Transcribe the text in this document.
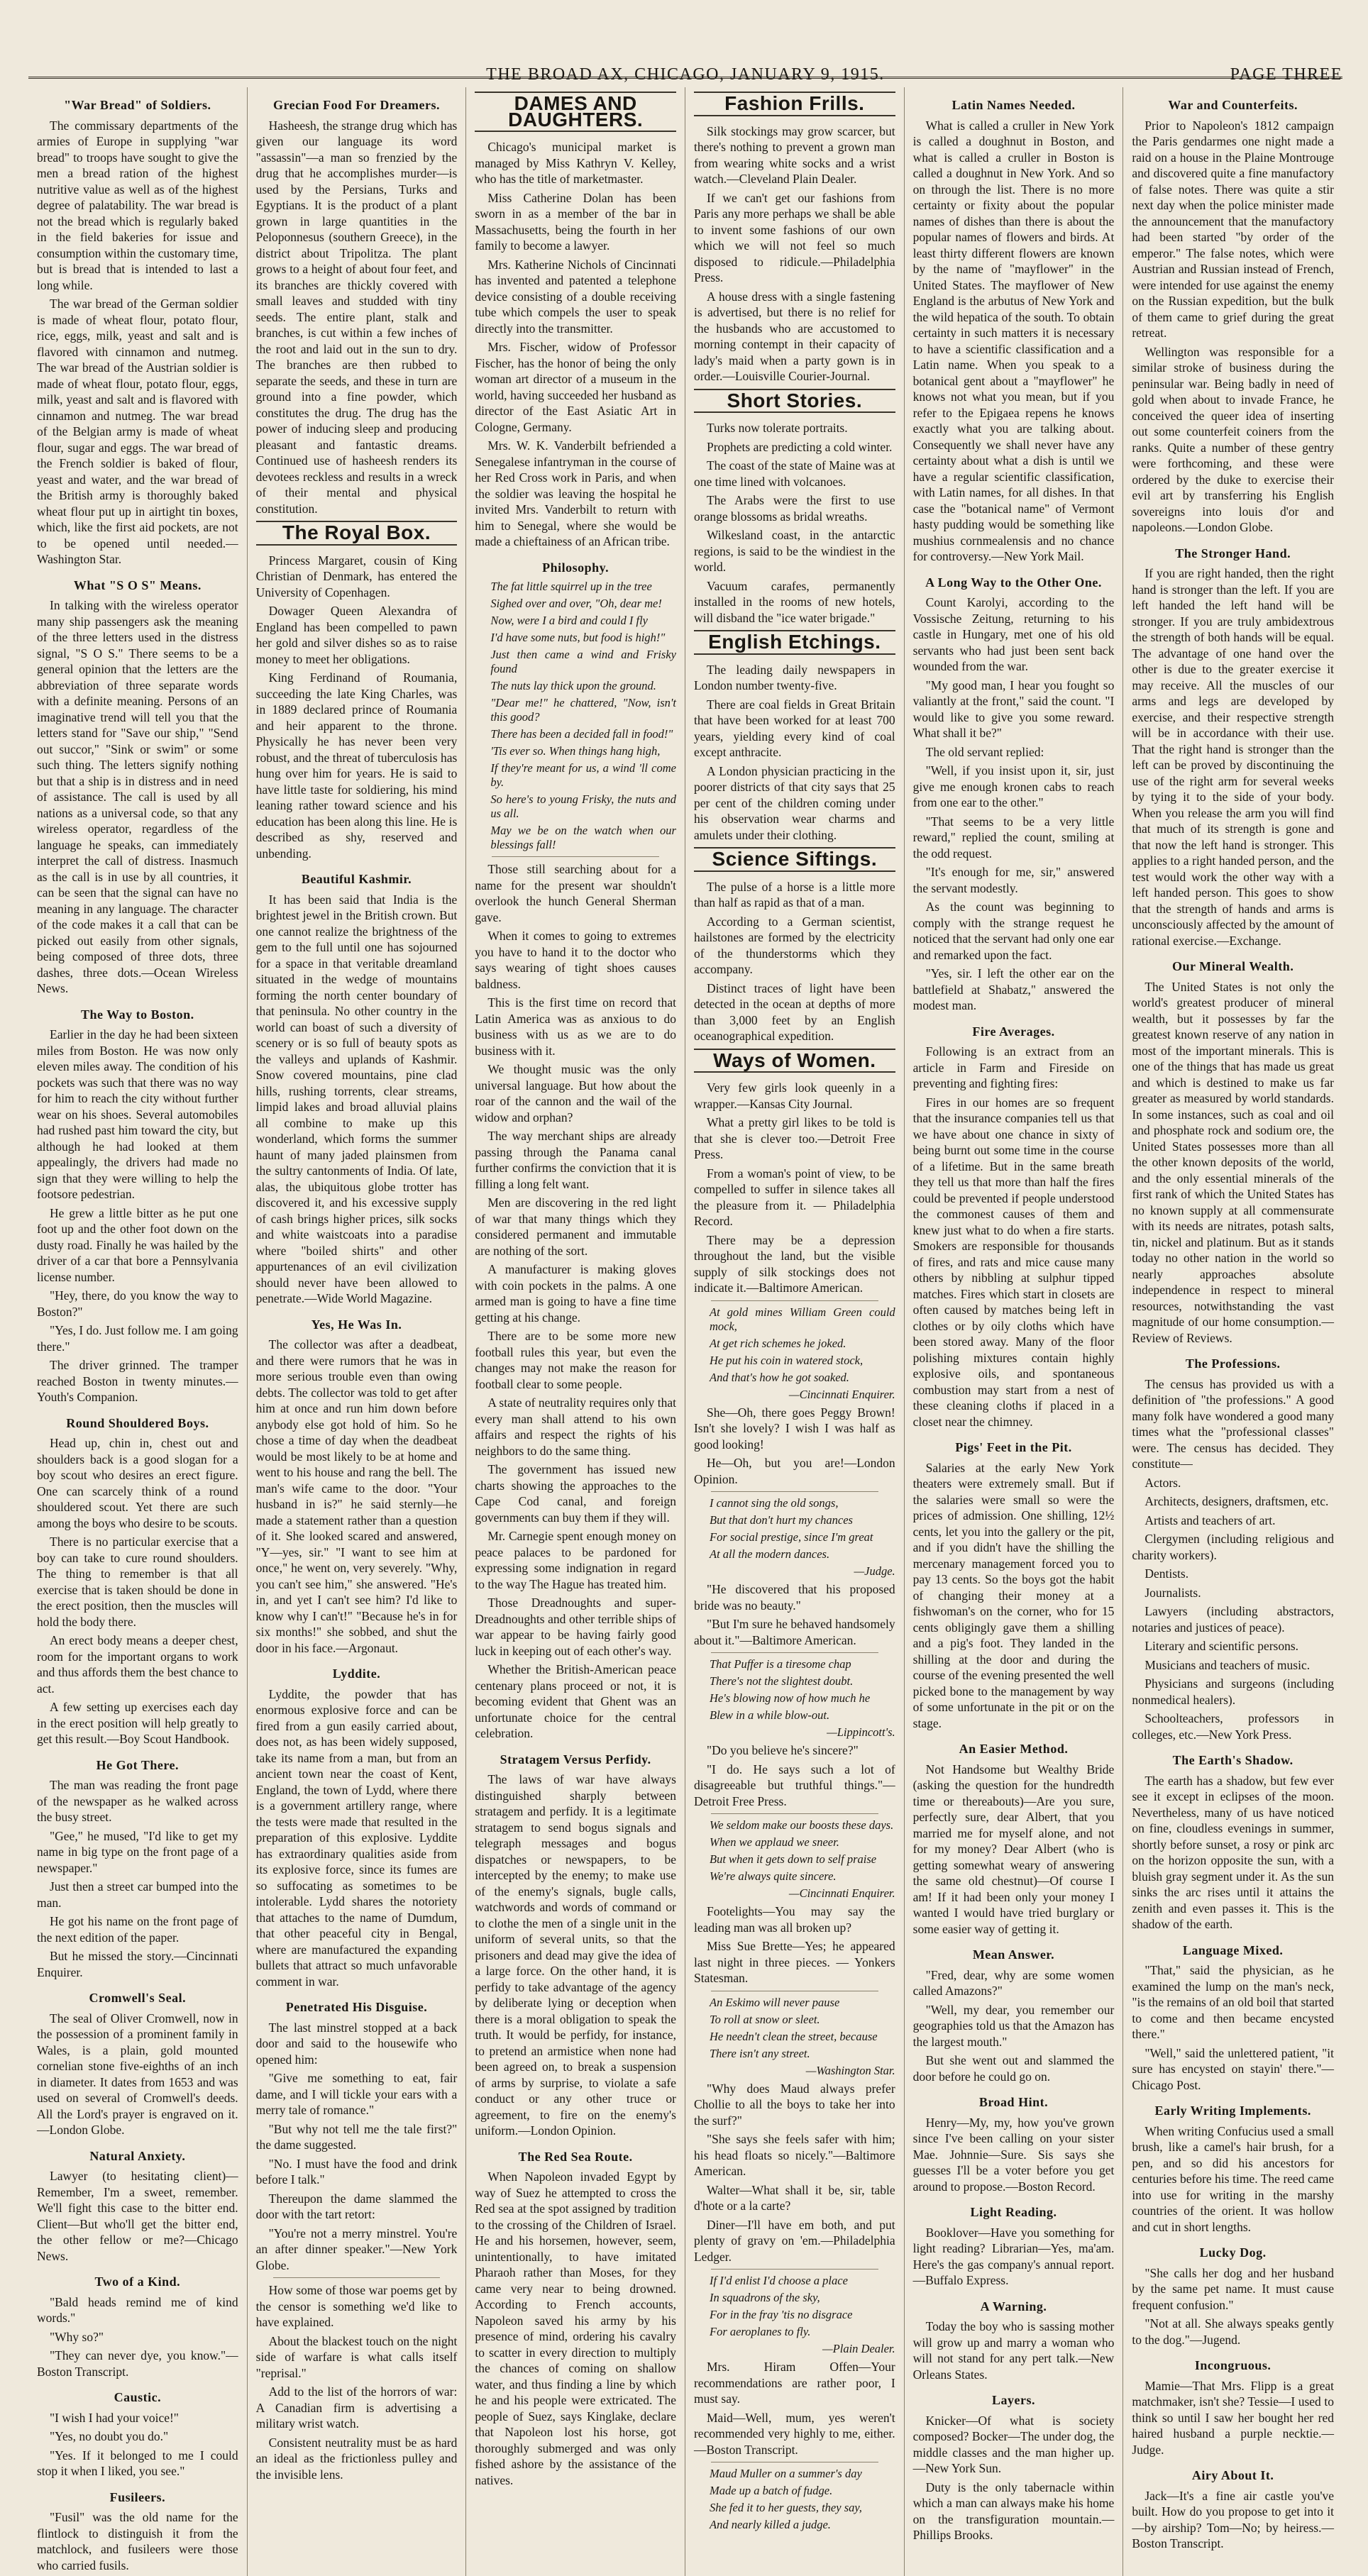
THE BROAD AX, CHICAGO, JANUARY 9, 1915.	PAGE THREE
"War Bread" of Soldiers.

The commissary departments of the armies of Europe in supplying "war bread" to troops have sought to give the men a bread ration of the highest nutritive value as well as of the highest degree of palatability. The war bread is not the bread which is regularly baked in the field bakeries for issue and consumption within the customary time, but is bread that is intended to last a long while.

The war bread of the German soldier is made of wheat flour, potato flour, rice, eggs, milk, yeast and salt and is flavored with cinnamon and nutmeg. The war bread of the Austrian soldier is made of wheat flour, potato flour, eggs, milk, yeast and salt and is flavored with cinnamon and nutmeg. The war bread of the Belgian army is made of wheat flour, sugar and eggs. The war bread of the French soldier is baked of flour, yeast and water, and the war bread of the British army is thoroughly baked wheat flour put up in airtight tin boxes, which, like the first aid pockets, are not to be opened until needed.—Washington Star.

What "S O S" Means.

In talking with the wireless operator many ship passengers ask the meaning of the three letters used in the distress signal, "S O S." There seems to be a general opinion that the letters are the abbreviation of three separate words with a definite meaning. Persons of an imaginative trend will tell you that the letters stand for "Save our ship," "Send out succor," "Sink or swim" or some such thing. The letters signify nothing but that a ship is in distress and in need of assistance. The call is used by all nations as a universal code, so that any wireless operator, regardless of the language he speaks, can immediately interpret the call of distress. Inasmuch as the call is in use by all countries, it can be seen that the signal can have no meaning in any language. The character of the code makes it a call that can be picked out easily from other signals, being composed of three dots, three dashes, three dots.—Ocean Wireless News.

The Way to Boston.

Earlier in the day he had been sixteen miles from Boston. He was now only eleven miles away. The condition of his pockets was such that there was no way for him to reach the city without further wear on his shoes. Several automobiles had rushed past him toward the city, but although he had looked at them appealingly, the drivers had made no sign that they were willing to help the footsore pedestrian.

He grew a little bitter as he put one foot up and the other foot down on the dusty road. Finally he was hailed by the driver of a car that bore a Pennsylvania license number.

"Hey, there, do you know the way to Boston?"

"Yes, I do. Just follow me. I am going there."

The driver grinned. The tramper reached Boston in twenty minutes.—Youth's Companion.

Round Shouldered Boys.

Head up, chin in, chest out and shoulders back is a good slogan for a boy scout who desires an erect figure. One can scarcely think of a round shouldered scout. Yet there are such among the boys who desire to be scouts.

There is no particular exercise that a boy can take to cure round shoulders. The thing to remember is that all exercise that is taken should be done in the erect position, then the muscles will hold the body there.

An erect body means a deeper chest, room for the important organs to work and thus affords them the best chance to act.

A few setting up exercises each day in the erect position will help greatly to get this result.—Boy Scout Handbook.

He Got There.

The man was reading the front page of the newspaper as he walked across the busy street.

"Gee," he mused, "I'd like to get my name in big type on the front page of a newspaper."

Just then a street car bumped into the man.

He got his name on the front page of the next edition of the paper.

But he missed the story.—Cincinnati Enquirer.

Cromwell's Seal.

The seal of Oliver Cromwell, now in the possession of a prominent family in Wales, is a plain, gold mounted cornelian stone five-eighths of an inch in diameter. It dates from 1653 and was used on several of Cromwell's deeds. All the Lord's prayer is engraved on it.—London Globe.

Natural Anxiety.

Lawyer (to hesitating client)—Remember, I'm a sweet, remember. We'll fight this case to the bitter end. Client—But who'll get the bitter end, the other fellow or me?—Chicago News.

Two of a Kind.

"Bald heads remind me of kind words."

"Why so?"

"They can never dye, you know."—Boston Transcript.

Caustic.

"I wish I had your voice!"

"Yes, no doubt you do."

"Yes. If it belonged to me I could stop it when I liked, you see."

Fusileers.

"Fusil" was the old name for the flintlock to distinguish it from the matchlock, and fusileers were those who carried fusils.

Grecian Food For Dreamers.

Hasheesh, the strange drug which has given our language its word "assassin"—a man so frenzied by the drug that he accomplishes murder—is used by the Persians, Turks and Egyptians. It is the product of a plant grown in large quantities in the Peloponnesus (southern Greece), in the district about Tripolitza. The plant grows to a height of about four feet, and its branches are thickly covered with small leaves and studded with tiny seeds. The entire plant, stalk and branches, is cut within a few inches of the root and laid out in the sun to dry. The branches are then rubbed to separate the seeds, and these in turn are ground into a fine powder, which constitutes the drug. The drug has the power of inducing sleep and producing pleasant and fantastic dreams. Continued use of hasheesh renders its devotees reckless and results in a wreck of their mental and physical constitution.

The Royal Box.

Princess Margaret, cousin of King Christian of Denmark, has entered the University of Copenhagen.

Dowager Queen Alexandra of England has been compelled to pawn her gold and silver dishes so as to raise money to meet her obligations.

King Ferdinand of Roumania, succeeding the late King Charles, was in 1889 declared prince of Roumania and heir apparent to the throne. Physically he has never been very robust, and the threat of tuberculosis has hung over him for years. He is said to have little taste for soldiering, his mind leaning rather toward science and his education has been along this line. He is described as shy, reserved and unbending.

Beautiful Kashmir.

It has been said that India is the brightest jewel in the British crown. But one cannot realize the brightness of the gem to the full until one has sojourned for a space in that veritable dreamland situated in the wedge of mountains forming the north center boundary of that peninsula. No other country in the world can boast of such a diversity of scenery or is so full of beauty spots as the valleys and uplands of Kashmir. Snow covered mountains, pine clad hills, rushing torrents, clear streams, limpid lakes and broad alluvial plains all combine to make up this wonderland, which forms the summer haunt of many jaded plainsmen from the sultry cantonments of India. Of late, alas, the ubiquitous globe trotter has discovered it, and his excessive supply of cash brings higher prices, silk socks and white waistcoats into a paradise where "boiled shirts" and other appurtenances of an evil civilization should never have been allowed to penetrate.—Wide World Magazine.

Yes, He Was In.

The collector was after a deadbeat, and there were rumors that he was in more serious trouble even than owing debts. The collector was told to get after him at once and run him down before anybody else got hold of him. So he chose a time of day when the deadbeat would be most likely to be at home and went to his house and rang the bell. The man's wife came to the door. "Your husband in is?" he said sternly—he made a statement rather than a question of it. She looked scared and answered, "Y—yes, sir." "I want to see him at once," he went on, very severely. "Why, you can't see him," she answered. "He's in, and yet I can't see him? I'd like to know why I can't!" "Because he's in for six months!" she sobbed, and shut the door in his face.—Argonaut.

Lyddite.

Lyddite, the powder that has enormous explosive force and can be fired from a gun easily carried about, does not, as has been widely supposed, take its name from a man, but from an ancient town near the coast of Kent, England, the town of Lydd, where there is a government artillery range, where the tests were made that resulted in the preparation of this explosive. Lyddite has extraordinary qualities aside from its explosive force, since its fumes are so suffocating as sometimes to be intolerable. Lydd shares the notoriety that attaches to the name of Dumdum, that other peaceful city in Bengal, where are manufactured the expanding bullets that attract so much unfavorable comment in war.

Penetrated His Disguise.

The last minstrel stopped at a back door and said to the housewife who opened him:

"Give me something to eat, fair dame, and I will tickle your ears with a merry tale of romance."

"But why not tell me the tale first?" the dame suggested.

"No. I must have the food and drink before I talk."

Thereupon the dame slammed the door with the tart retort:

"You're not a merry minstrel. You're an after dinner speaker."—New York Globe.

How some of those war poems get by the censor is something we'd like to have explained.

About the blackest touch on the night side of warfare is what calls itself "reprisal."

Add to the list of the horrors of war: A Canadian firm is advertising a military wrist watch.

Consistent neutrality must be as hard an ideal as the frictionless pulley and the invisible lens.

DAMES AND DAUGHTERS.

Chicago's municipal market is managed by Miss Kathryn V. Kelley, who has the title of marketmaster.

Miss Catherine Dolan has been sworn in as a member of the bar in Massachusetts, being the fourth in her family to become a lawyer.

Mrs. Katherine Nichols of Cincinnati has invented and patented a telephone device consisting of a double receiving tube which compels the user to speak directly into the transmitter.

Mrs. Fischer, widow of Professor Fischer, has the honor of being the only woman art director of a museum in the world, having succeeded her husband as director of the East Asiatic Art in Cologne, Germany.

Mrs. W. K. Vanderbilt befriended a Senegalese infantryman in the course of her Red Cross work in Paris, and when the soldier was leaving the hospital he invited Mrs. Vanderbilt to return with him to Senegal, where she would be made a chieftainess of an African tribe.

Philosophy.

The fat little squirrel up in the tree

Sighed over and over, "Oh, dear me!

Now, were I a bird and could I fly

I'd have some nuts, but food is high!"

Just then came a wind and Frisky found

The nuts lay thick upon the ground.

"Dear me!" he chattered, "Now, isn't this good?

There has been a decided fall in food!"

'Tis ever so. When things hang high,

If they're meant for us, a wind 'll come by.

So here's to young Frisky, the nuts and us all.

May we be on the watch when our blessings fall!

Those still searching about for a name for the present war shouldn't overlook the hunch General Sherman gave.

When it comes to going to extremes you have to hand it to the doctor who says wearing of tight shoes causes baldness.

This is the first time on record that Latin America was as anxious to do business with us as we are to do business with it.

We thought music was the only universal language. But how about the roar of the cannon and the wail of the widow and orphan?

The way merchant ships are already passing through the Panama canal further confirms the conviction that it is filling a long felt want.

Men are discovering in the red light of war that many things which they considered permanent and immutable are nothing of the sort.

A manufacturer is making gloves with coin pockets in the palms. A one armed man is going to have a fine time getting at his change.

There are to be some more new football rules this year, but even the changes may not make the reason for football clear to some people.

A state of neutrality requires only that every man shall attend to his own affairs and respect the rights of his neighbors to do the same thing.

The government has issued new charts showing the approaches to the Cape Cod canal, and foreign governments can buy them if they will.

Mr. Carnegie spent enough money on peace palaces to be pardoned for expressing some indignation in regard to the way The Hague has treated him.

Those Dreadnoughts and super-Dreadnoughts and other terrible ships of war appear to be having fairly good luck in keeping out of each other's way.

Whether the British-American peace centenary plans proceed or not, it is becoming evident that Ghent was an unfortunate choice for the central celebration.

Stratagem Versus Perfidy.

The laws of war have always distinguished sharply between stratagem and perfidy. It is a legitimate stratagem to send bogus signals and telegraph messages and bogus dispatches or newspapers, to be intercepted by the enemy; to make use of the enemy's signals, bugle calls, watchwords and words of command or to clothe the men of a single unit in the uniform of several units, so that the prisoners and dead may give the idea of a large force. On the other hand, it is perfidy to take advantage of the agency by deliberate lying or deception when there is a moral obligation to speak the truth. It would be perfidy, for instance, to pretend an armistice when none had been agreed on, to break a suspension of arms by surprise, to violate a safe conduct or any other truce or agreement, to fire on the enemy's uniform.—London Opinion.

The Red Sea Route.

When Napoleon invaded Egypt by way of Suez he attempted to cross the Red sea at the spot assigned by tradition to the crossing of the Children of Israel. He and his horsemen, however, seem, unintentionally, to have imitated Pharaoh rather than Moses, for they came very near to being drowned. According to French accounts, Napoleon saved his army by his presence of mind, ordering his cavalry to scatter in every direction to multiply the chances of coming on shallow water, and thus finding a line by which he and his people were extricated. The people of Suez, says Kinglake, declare that Napoleon lost his horse, got thoroughly submerged and was only fished ashore by the assistance of the natives.

Fashion Frills.

Silk stockings may grow scarcer, but there's nothing to prevent a grown man from wearing white socks and a wrist watch.—Cleveland Plain Dealer.

If we can't get our fashions from Paris any more perhaps we shall be able to invent some fashions of our own which we will not feel so much disposed to ridicule.—Philadelphia Press.

A house dress with a single fastening is advertised, but there is no relief for the husbands who are accustomed to morning contempt in their capacity of lady's maid when a party gown is in order.—Louisville Courier-Journal.

Short Stories.

Turks now tolerate portraits.

Prophets are predicting a cold winter.

The coast of the state of Maine was at one time lined with volcanoes.

The Arabs were the first to use orange blossoms as bridal wreaths.

Wilkesland coast, in the antarctic regions, is said to be the windiest in the world.

Vacuum carafes, permanently installed in the rooms of new hotels, will disband the "ice water brigade."

English Etchings.

The leading daily newspapers in London number twenty-five.

There are coal fields in Great Britain that have been worked for at least 700 years, yielding every kind of coal except anthracite.

A London physician practicing in the poorer districts of that city says that 25 per cent of the children coming under his observation wear charms and amulets under their clothing.

Science Siftings.

The pulse of a horse is a little more than half as rapid as that of a man.

According to a German scientist, hailstones are formed by the electricity of the thunderstorms which they accompany.

Distinct traces of light have been detected in the ocean at depths of more than 3,000 feet by an English oceanographical expedition.

Ways of Women.

Very few girls look queenly in a wrapper.—Kansas City Journal.

What a pretty girl likes to be told is that she is clever too.—Detroit Free Press.

From a woman's point of view, to be compelled to suffer in silence takes all the pleasure from it. — Philadelphia Record.

There may be a depression throughout the land, but the visible supply of silk stockings does not indicate it.—Baltimore American.

At gold mines William Green could mock,

At get rich schemes he joked.

He put his coin in watered stock,

And that's how he got soaked.

—Cincinnati Enquirer.

She—Oh, there goes Peggy Brown! Isn't she lovely? I wish I was half as good looking!

He—Oh, but you are!—London Opinion.

I cannot sing the old songs,

But that don't hurt my chances

For social prestige, since I'm great

At all the modern dances.

—Judge.

"He discovered that his proposed bride was no beauty."

"But I'm sure he behaved handsomely about it."—Baltimore American.

That Puffer is a tiresome chap

There's not the slightest doubt.

He's blowing now of how much he

Blew in a while blow-out.

—Lippincott's.

"Do you believe he's sincere?"

"I do. He says such a lot of disagreeable but truthful things."—Detroit Free Press.

We seldom make our boosts these days.

When we applaud we sneer.

But when it gets down to self praise

We're always quite sincere.

—Cincinnati Enquirer.

Footelights—You may say the leading man was all broken up?

Miss Sue Brette—Yes; he appeared last night in three pieces. — Yonkers Statesman.

An Eskimo will never pause

To roll at snow or sleet.

He needn't clean the street, because

There isn't any street.

—Washington Star.

"Why does Maud always prefer Chollie to all the boys to take her into the surf?"

"She says she feels safer with him; his head floats so nicely."—Baltimore American.

Walter—What shall it be, sir, table d'hote or a la carte?

Diner—I'll have em both, and put plenty of gravy on 'em.—Philadelphia Ledger.

If I'd enlist I'd choose a place

In squadrons of the sky,

For in the fray 'tis no disgrace

For aeroplanes to fly.

—Plain Dealer.

Mrs. Hiram Offen—Your recommendations are rather poor, I must say.

Maid—Well, mum, yes weren't recommended very highly to me, either.—Boston Transcript.

Maud Muller on a summer's day

Made up a batch of fudge.

She fed it to her guests, they say,

And nearly killed a judge.

Latin Names Needed.

What is called a cruller in New York is called a doughnut in Boston, and what is called a cruller in Boston is called a doughnut in New York. And so on through the list. There is no more certainty or fixity about the popular names of dishes than there is about the popular names of flowers and birds. At least thirty different flowers are known by the name of "mayflower" in the United States. The mayflower of New England is the arbutus of New York and the wild hepatica of the south. To obtain certainty in such matters it is necessary to have a scientific classification and a Latin name. When you speak to a botanical gent about a "mayflower" he knows not what you mean, but if you refer to the Epigaea repens he knows exactly what you are talking about. Consequently we shall never have any certainty about what a dish is until we have a regular scientific classification, with Latin names, for all dishes. In that case the "botanical name" of Vermont hasty pudding would be something like mushius cornmealensis and no chance for controversy.—New York Mail.

A Long Way to the Other One.

Count Karolyi, according to the Vossische Zeitung, returning to his castle in Hungary, met one of his old servants who had just been sent back wounded from the war.

"My good man, I hear you fought so valiantly at the front," said the count. "I would like to give you some reward. What shall it be?"

The old servant replied:

"Well, if you insist upon it, sir, just give me enough kronen cabs to reach from one ear to the other."

"That seems to be a very little reward," replied the count, smiling at the odd request.

"It's enough for me, sir," answered the servant modestly.

As the count was beginning to comply with the strange request he noticed that the servant had only one ear and remarked upon the fact.

"Yes, sir. I left the other ear on the battlefield at Shabatz," answered the modest man.

Fire Averages.

Following is an extract from an article in Farm and Fireside on preventing and fighting fires:

Fires in our homes are so frequent that the insurance companies tell us that we have about one chance in sixty of being burnt out some time in the course of a lifetime. But in the same breath they tell us that more than half the fires could be prevented if people understood the commonest causes of them and knew just what to do when a fire starts. Smokers are responsible for thousands of fires, and rats and mice cause many others by nibbling at sulphur tipped matches. Fires which start in closets are often caused by matches being left in clothes or by oily cloths which have been stored away. Many of the floor polishing mixtures contain highly explosive oils, and spontaneous combustion may start from a nest of these cleaning cloths if placed in a closet near the chimney.

Pigs' Feet in the Pit.

Salaries at the early New York theaters were extremely small. But if the salaries were small so were the prices of admission. One shilling, 12½ cents, let you into the gallery or the pit, and if you didn't have the shilling the mercenary management forced you to pay 13 cents. So the boys got the habit of changing their money at a fishwoman's on the corner, who for 15 cents obligingly gave them a shilling and a pig's foot. They landed in the shilling at the door and during the course of the evening presented the well picked bone to the management by way of some unfortunate in the pit or on the stage.

An Easier Method.

Not Handsome but Wealthy Bride (asking the question for the hundredth time or thereabouts)—Are you sure, perfectly sure, dear Albert, that you married me for myself alone, and not for my money? Dear Albert (who is getting somewhat weary of answering the same old chestnut)—Of course I am! If it had been only your money I wanted I would have tried burglary or some easier way of getting it.

Mean Answer.

"Fred, dear, why are some women called Amazons?"

"Well, my dear, you remember our geographies told us that the Amazon has the largest mouth."

But she went out and slammed the door before he could go on.

Broad Hint.

Henry—My, my, how you've grown since I've been calling on your sister Mae. Johnnie—Sure. Sis says she guesses I'll be a voter before you get around to propose.—Boston Record.

Light Reading.

Booklover—Have you something for light reading? Librarian—Yes, ma'am. Here's the gas company's annual report.—Buffalo Express.

A Warning.

Today the boy who is sassing mother will grow up and marry a woman who will not stand for any pert talk.—New Orleans States.

Layers.

Knicker—Of what is society composed? Bocker—The under dog, the middle classes and the man higher up.—New York Sun.

Duty is the only tabernacle within which a man can always make his home on the transfiguration mountain.—Phillips Brooks.

War and Counterfeits.

Prior to Napoleon's 1812 campaign the Paris gendarmes one night made a raid on a house in the Plaine Montrouge and discovered quite a fine manufactory of false notes. There was quite a stir next day when the police minister made the announcement that the manufactory had been started "by order of the emperor." The false notes, which were Austrian and Russian instead of French, were intended for use against the enemy on the Russian expedition, but the bulk of them came to grief during the great retreat.

Wellington was responsible for a similar stroke of business during the peninsular war. Being badly in need of gold when about to invade France, he conceived the queer idea of inserting out some counterfeit coiners from the ranks. Quite a number of these gentry were forthcoming, and these were ordered by the duke to exercise their evil art by transferring his English sovereigns into louis d'or and napoleons.—London Globe.

The Stronger Hand.

If you are right handed, then the right hand is stronger than the left. If you are left handed the left hand will be stronger. If you are truly ambidextrous the strength of both hands will be equal. The advantage of one hand over the other is due to the greater exercise it may receive. All the muscles of our arms and legs are developed by exercise, and their respective strength will be in accordance with their use. That the right hand is stronger than the left can be proved by discontinuing the use of the right arm for several weeks by tying it to the side of your body. When you release the arm you will find that much of its strength is gone and that now the left hand is stronger. This applies to a right handed person, and the test would work the other way with a left handed person. This goes to show that the strength of hands and arms is unconsciously affected by the amount of rational exercise.—Exchange.

Our Mineral Wealth.

The United States is not only the world's greatest producer of mineral wealth, but it possesses by far the greatest known reserve of any nation in most of the important minerals. This is one of the things that has made us great and which is destined to make us far greater as measured by world standards. In some instances, such as coal and oil and phosphate rock and sodium ore, the United States possesses more than all the other known deposits of the world, and the only essential minerals of the first rank of which the United States has no known supply at all commensurate with its needs are nitrates, potash salts, tin, nickel and platinum. But as it stands today no other nation in the world so nearly approaches absolute independence in respect to mineral resources, notwithstanding the vast magnitude of our home consumption.—Review of Reviews.

The Professions.

The census has provided us with a definition of "the professions." A good many folk have wondered a good many times what the "professional classes" were. The census has decided. They constitute—

Actors.

Architects, designers, draftsmen, etc.

Artists and teachers of art.

Clergymen (including religious and charity workers).

Dentists.

Journalists.

Lawyers (including abstractors, notaries and justices of peace).

Literary and scientific persons.

Musicians and teachers of music.

Physicians and surgeons (including nonmedical healers).

Schoolteachers, professors in colleges, etc.—New York Press.

The Earth's Shadow.

The earth has a shadow, but few ever see it except in eclipses of the moon. Nevertheless, many of us have noticed on fine, cloudless evenings in summer, shortly before sunset, a rosy or pink arc on the horizon opposite the sun, with a bluish gray segment under it. As the sun sinks the arc rises until it attains the zenith and even passes it. This is the shadow of the earth.

Language Mixed.

"That," said the physician, as he examined the lump on the man's neck, "is the remains of an old boil that started to come and then became encysted there."

"Well," said the unlettered patient, "it sure has encysted on stayin' there."—Chicago Post.

Early Writing Implements.

When writing Confucius used a small brush, like a camel's hair brush, for a pen, and so did his ancestors for centuries before his time. The reed came into use for writing in the marshy countries of the orient. It was hollow and cut in short lengths.

Lucky Dog.

"She calls her dog and her husband by the same pet name. It must cause frequent confusion."

"Not at all. She always speaks gently to the dog."—Jugend.

Incongruous.

Mamie—That Mrs. Flipp is a great matchmaker, isn't she? Tessie—I used to think so until I saw her bought her red haired husband a purple necktie.—Judge.

Airy About It.

Jack—It's a fine air castle you've built. How do you propose to get into it—by airship? Tom—No; by heiress.—Boston Transcript.
